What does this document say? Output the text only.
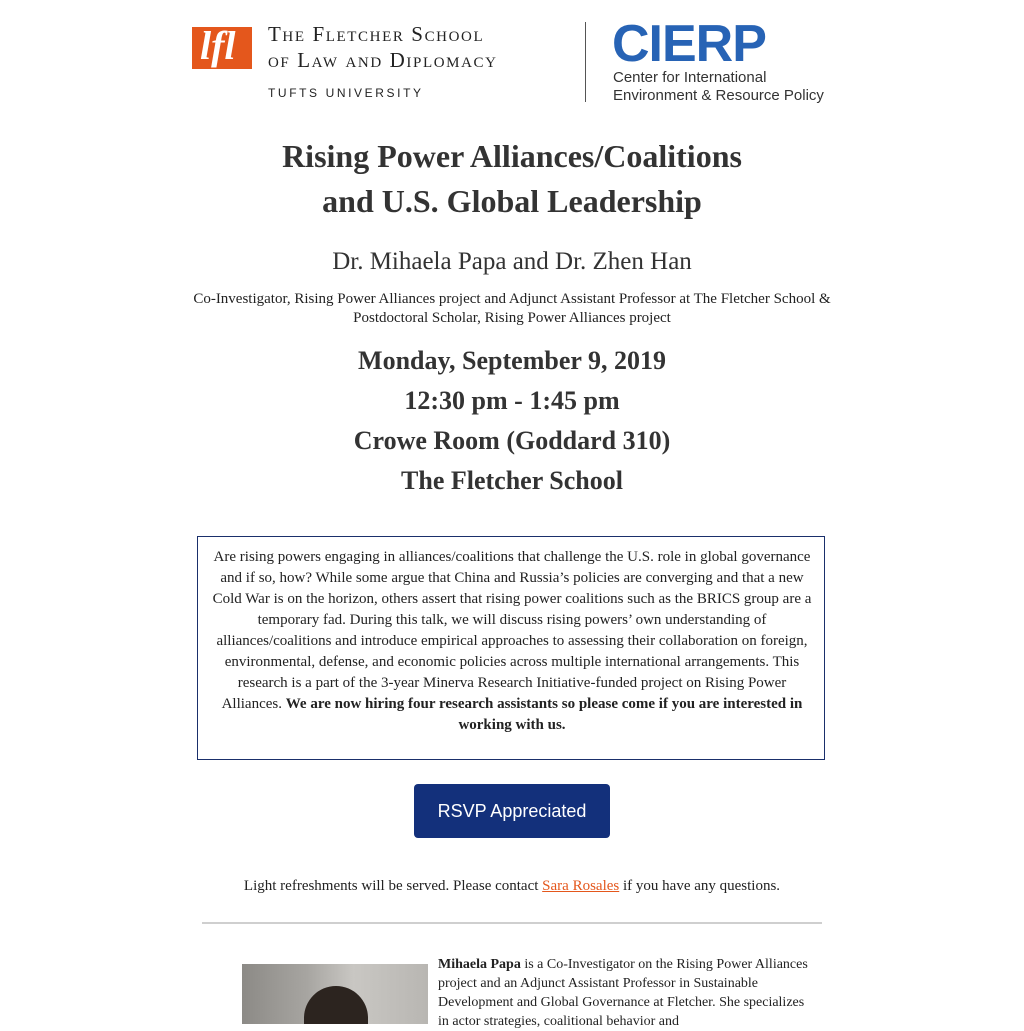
lfl The Fletcher School
of Law and Diplomacy
TUFTS UNIVERSITY
CIERP
Center for International
Environment & Resource Policy
Rising Power Alliances/Coalitions
and U.S. Global Leadership
Dr. Mihaela Papa and Dr. Zhen Han
Co-Investigator, Rising Power Alliances project and Adjunct Assistant Professor at The Fletcher School & Postdoctoral Scholar, Rising Power Alliances project
Monday, September 9, 2019
12:30 pm - 1:45 pm
Crowe Room (Goddard 310)
The Fletcher School
Are rising powers engaging in alliances/coalitions that challenge the U.S. role in global governance and if so, how? While some argue that China and Russia’s policies are converging and that a new Cold War is on the horizon, others assert that rising power coalitions such as the BRICS group are a temporary fad. During this talk, we will discuss rising powers’ own understanding of alliances/coalitions and introduce empirical approaches to assessing their collaboration on foreign, environmental, defense, and economic policies across multiple international arrangements. This research is a part of the 3-year Minerva Research Initiative-funded project on Rising Power Alliances. We are now hiring four research assistants so please come if you are interested in working with us.
RSVP Appreciated
Light refreshments will be served. Please contact Sara Rosales if you have any questions.
Mihaela Papa is a Co-Investigator on the Rising Power Alliances project and an Adjunct Assistant Professor in Sustainable Development and Global Governance at Fletcher. She specializes in actor strategies, coalitional behavior and
